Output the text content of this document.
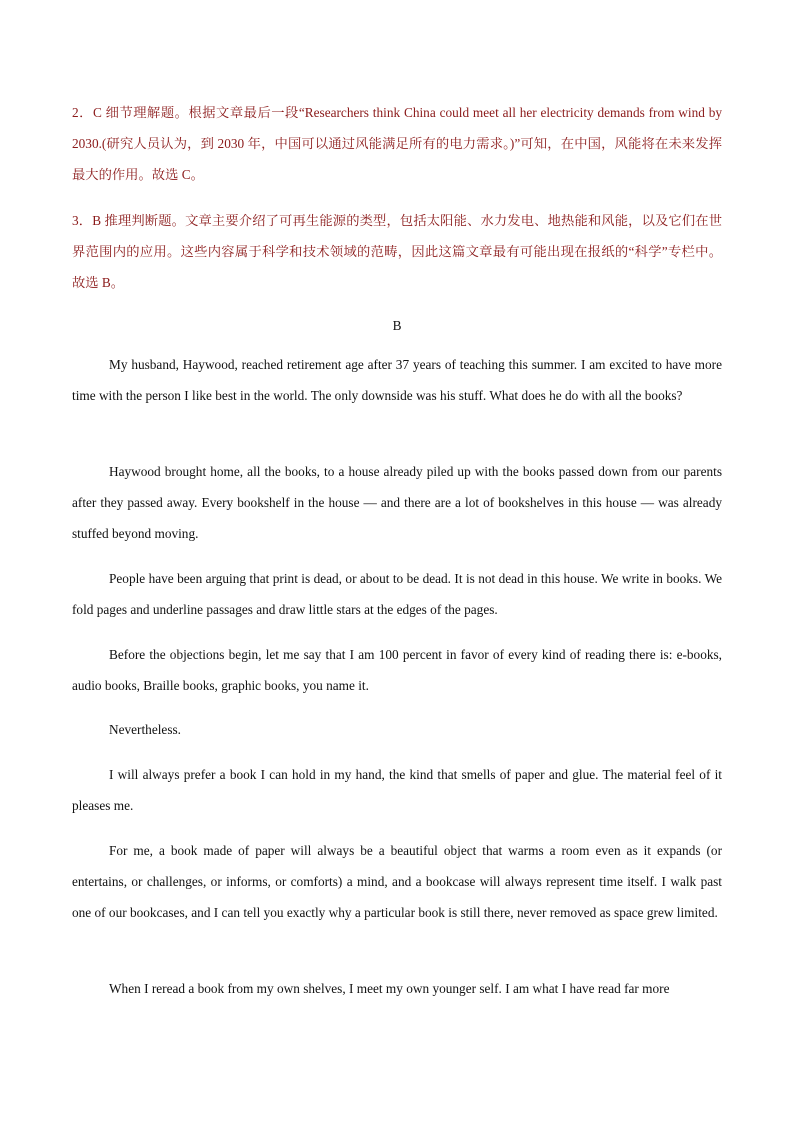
2．C 细节理解题。根据文章最后一段“Researchers think China could meet all her electricity demands from wind by 2030.(研究人员认为，到 2030 年，中国可以通过风能满足所有的电力需求。)”可知，在中国，风能将在未来发挥最大的作用。故选 C。

3．B 推理判断题。文章主要介绍了可再生能源的类型，包括太阳能、水力发电、地热能和风能，以及它们在世界范围内的应用。这些内容属于科学和技术领域的范畴，因此这篇文章最有可能出现在报纸的“科学”专栏中。故选 B。

B

My husband, Haywood, reached retirement age after 37 years of teaching this summer. I am excited to have more time with the person I like best in the world. The only downside was his stuff. What does he do with all the books?

Haywood brought home, all the books, to a house already piled up with the books passed down from our parents after they passed away. Every bookshelf in the house — and there are a lot of bookshelves in this house — was already stuffed beyond moving.

People have been arguing that print is dead, or about to be dead. It is not dead in this house. We write in books. We fold pages and underline passages and draw little stars at the edges of the pages.

Before the objections begin, let me say that I am 100 percent in favor of every kind of reading there is: e-books, audio books, Braille books, graphic books, you name it.

Nevertheless.

I will always prefer a book I can hold in my hand, the kind that smells of paper and glue. The material feel of it pleases me.

For me, a book made of paper will always be a beautiful object that warms a room even as it expands (or entertains, or challenges, or informs, or comforts) a mind, and a bookcase will always represent time itself. I walk past one of our bookcases, and I can tell you exactly why a particular book is still there, never removed as space grew limited.

When I reread a book from my own shelves, I meet my own younger self. I am what I have read far more
